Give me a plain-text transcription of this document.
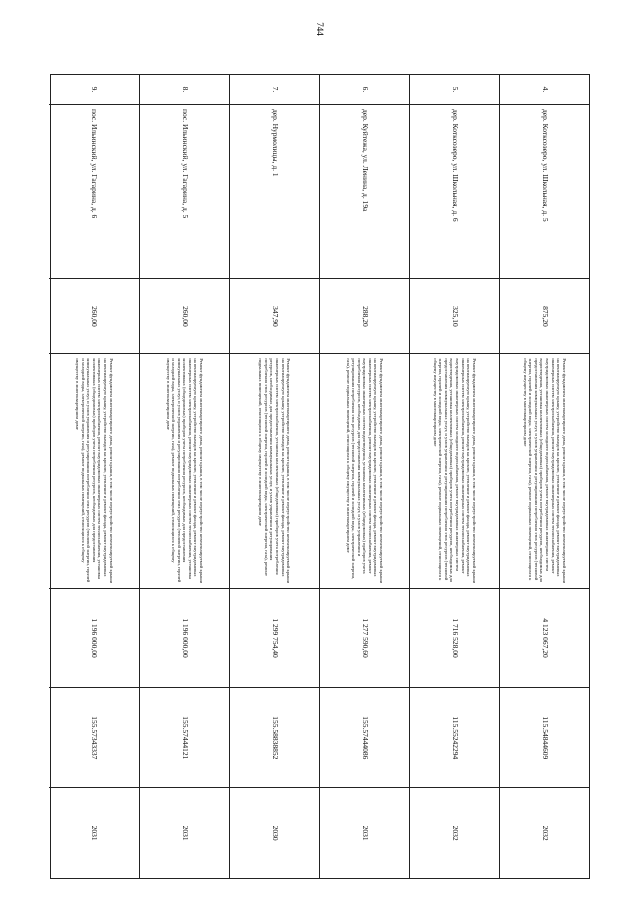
744
4.
дер. Котксозеро, ул. Школьная, д. 5
875,20
Ремонт фундамента многоквартирного дома, ремонт крыши, в том числе переустройство невентилируемой крыши на вентилируемую крышу, устройство выходов на кровлю, утепление и ремонт фасада, ремонт внутридомовых инженерных систем электроснабжения, ремонт внутридомовых инженерных систем теплоснабжения, ремонт внутридомовых инженерных систем холодного водоснабжения, ремонт внутридомовых инженерных систем водоотведения, установка коллективных (общедомовых) приборов учета потребления ресурсов, необходимых для предоставления коммунальных услуг, и узлов управления и регулирования потребления этих ресурсов (тепловой энергии, горячей и холодной воды, электрической энергии, газа), ремонт подвальных помещений, относящихся к общему имуществу в многоквартирном доме
4 123 067,20
115.54844609
2032
5.
дер. Котксозеро, ул. Школьная, д. 6
325,10
Ремонт фундамента многоквартирного дома, ремонт крыши, в том числе переустройство невентилируемой крыши на вентилируемую крышу, устройство выходов на кровлю, утепление и ремонт фасада, ремонт внутридомовых инженерных систем электроснабжения, ремонт внутридомовых инженерных систем теплоснабжения, ремонт внутридомовых инженерных систем холодного водоснабжения, ремонт внутридомовых инженерных систем водоотведения, установка коллективных (общедомовых) приборов учета потребления ресурсов, необходимых для предоставления коммунальных услуг, и узлов управления и регулирования потребления этих ресурсов (тепловой энергии, горячей и холодной воды, электрической энергии, газа), ремонт подвальных помещений, относящихся к общему имуществу в многоквартирном доме
1 716 528,00
115.55242294
2032
6.
дер. Куйтежа, ул. Ленина, д. 19а
288,20
Ремонт фундамента многоквартирного дома, ремонт крыши, в том числе переустройство невентилируемой крыши на вентилируемую крышу, устройство выходов на кровлю, утепление и ремонт фасада, ремонт внутридомовых инженерных систем электроснабжения, ремонт внутридомовых инженерных систем теплоснабжения, ремонт внутридомовых инженерных систем водоотведения, установка коллективных (общедомовых) приборов учета потребления ресурсов, необходимых для предоставления коммунальных услуг, и узлов управления и регулирования потребления этих ресурсов (тепловой энергии, горячей и холодной воды, электрической энергии, газа), ремонт подвальных помещений, относящихся к общему имуществу в многоквартирном доме
1 277 590,60
155.57444086
2031
7.
дер. Нурмолицы, д. 1
347,90
Ремонт фундамента многоквартирного дома, ремонт крыши, в том числе переустройство невентилируемой крыши на вентилируемую крышу, устройство выходов на кровлю, утепление и ремонт фасада, ремонт внутридомовых инженерных систем электроснабжения, установка коллективных (общедомовых) приборов учета потребления ресурсов, необходимых для предоставления коммунальных услуг, и узлов управления и регулирования потребления этих ресурсов (тепловой энергии, горячей и холодной воды, электрической энергии, газа), ремонт подвальных помещений, относящихся к общему имуществу в многоквартирном доме
1 299 754,40
155.58838852
2030
8.
пос. Ильинский, ул. Гагарина, д. 5
260,00
Ремонт фундамента многоквартирного дома, ремонт крыши, в том числе переустройство невентилируемой крыши на вентилируемую крышу, устройство выходов на кровлю, утепление и ремонт фасада, ремонт внутридомовых инженерных систем электроснабжения, ремонт внутридомовых инженерных систем теплоснабжения, установка коллективных (общедомовых) приборов учета потребления ресурсов, необходимых для предоставления коммунальных услуг, и узлов управления и регулирования потребления этих ресурсов (тепловой энергии, горячей и холодной воды, электрической энергии, газа), ремонт подвальных помещений, относящихся к общему имуществу в многоквартирном доме
1 196 000,00
155.57444121
2031
9.
пос. Ильинский, ул. Гагарина, д. 6
260,00
Ремонт фундамента многоквартирного дома, ремонт крыши, в том числе переустройство невентилируемой крыши на вентилируемую крышу, устройство выходов на кровлю, утепление и ремонт фасада, ремонт внутридомовых инженерных систем электроснабжения, ремонт внутридомовых инженерных систем теплоснабжения, установка коллективных (общедомовых) приборов учета потребления ресурсов, необходимых для предоставления коммунальных услуг, и узлов управления и регулирования потребления этих ресурсов (тепловой энергии, горячей и холодной воды, электрической энергии, газа), ремонт подвальных помещений, относящихся к общему имуществу в многоквартирном доме
1 196 000,00
155.57343337
2031
